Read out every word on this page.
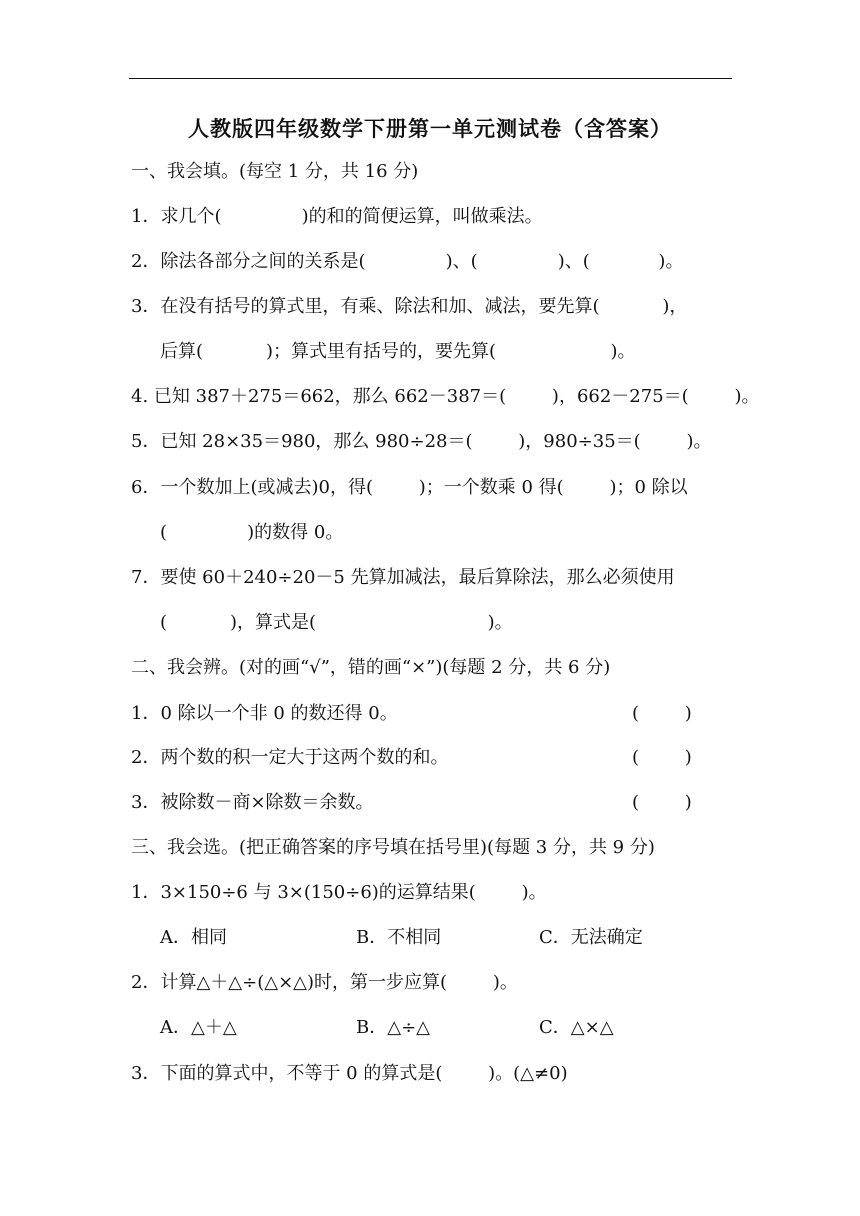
人教版四年级数学下册第一单元测试卷（含答案）
一、我会填。(每空 1 分，共 16 分)
1．求几个(              )的和的简便运算，叫做乘法。
2．除法各部分之间的关系是(              )、(              )、(            )。
3．在没有括号的算式里，有乘、除法和加、减法，要先算(           )，
后算(           )；算式里有括号的，要先算(                    )。
4. 已知 387＋275＝662，那么 662－387＝(        )，662－275＝(        )。
5．已知 28×35＝980，那么 980÷28＝(        )，980÷35＝(        )。
6．一个数加上(或减去)0，得(        )；一个数乘 0 得(        )；0 除以
(              )的数得 0。
7．要使 60＋240÷20－5 先算加减法，最后算除法，那么必须使用
(           )，算式是(                              )。
二、我会辨。(对的画“√”，错的画“×”)(每题 2 分，共 6 分)
1．0 除以一个非 0 的数还得 0。	(        )
2．两个数的积一定大于这两个数的和。	(        )
3．被除数－商×除数＝余数。	(        )
三、我会选。(把正确答案的序号填在括号里)(每题 3 分，共 9 分)
1．3×150÷6 与 3×(150÷6)的运算结果(        )。
A．相同	B．不相同	C．无法确定
2．计算△＋△÷(△×△)时，第一步应算(        )。
A．△＋△	B．△÷△	C．△×△
3．下面的算式中，不等于 0 的算式是(        )。(△≠0)
